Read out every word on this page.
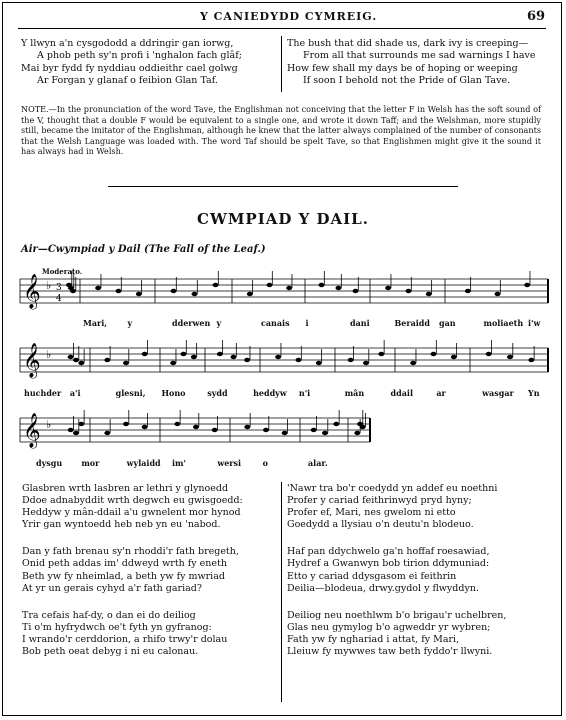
Y CANIEDYDD CYMREIG.	69
Y llwyn a'n cysgododd a ddringir gan iorwg,
A phob peth sy'n profi i 'nghalon fach glâf;
Mai byr fydd fy nyddiau oddieithr cael golwg
Ar Forgan y glanaf o feibion Glan Taf.
The bush that did shade us, dark ivy is creeping—
From all that surrounds me sad warnings I have
How few shall my days be of hoping or weeping
If soon I behold not the Pride of Glan Tave.
NOTE.—In the pronunciation of the word Tave, the Englishman not conceiving that the letter F in Welsh has the soft sound of the V, thought that a double F would be equivalent to a single one, and wrote it down Taff; and the Welshman, more stupidly still, became the imitator of the Englishman, although he knew that the latter always complained of the number of consonants that the Welsh Language was loaded with. The word Taf should be spelt Tave, so that Englishmen might give it the sound it has always had in Welsh.
CWMPIAD Y DAIL.
Air—Cwympiad y Dail (The Fall of the Leaf.)
Moderato.
𝄞 ♭ 3
4
𝄞 ♭
𝄞 ♭
Mari,	y	dderwen y	canais i	dani	Beraidd gan	moliaeth i'w
huchder a'i	glesni, Hono	sydd	heddyw n'i	mân	ddail	ar	wasgar Yn
dysgu mor	wylaidd im'	wersi	o	alar.
Glasbren wrth lasbren ar lethri y glynoedd
Ddoe adnabyddit wrth degwch eu gwisgoedd:
Heddyw y mân-ddail a'u gwnelent mor hynod
Yrir gan wyntoedd heb neb yn eu 'nabod.
Dan y fath brenau sy'n rhoddi'r fath bregeth,
Onid peth addas im' ddweyd wrth fy eneth
Beth yw fy nheimlad, a beth yw fy mwriad
At yr un gerais cyhyd a'r fath gariad?
Tra cefais haf-dy, o dan ei do deiliog
Ti o'm hyfrydwch oe't fyth yn gyfranog:
I wrando'r cerddorion, a rhifo trwy'r dolau
Bob peth oeat debyg i ni eu calonau.
'Nawr tra bo'r coedydd yn addef eu noethni
Profer y cariad feithrinwyd pryd hyny;
Profer ef, Mari, nes gwelom ni etto
Goedydd a llysiau o'n deutu'n blodeuo.
Haf pan ddychwelo ga'n hoffaf roesawiad,
Hydref a Gwanwyn bob tirion ddymuniad:
Etto y cariad ddysgasom ei feithrin
Deilia—blodeua, drwy.gydol y flwyddyn.
Deiliog neu noethlwm b'o brigau'r uchelbren,
Glas neu gymylog b'o agweddr yr wybren;
Fath yw fy nghariad i attat, fy Mari,
Lleiuw fy mywwes taw beth fyddo'r llwyni.
